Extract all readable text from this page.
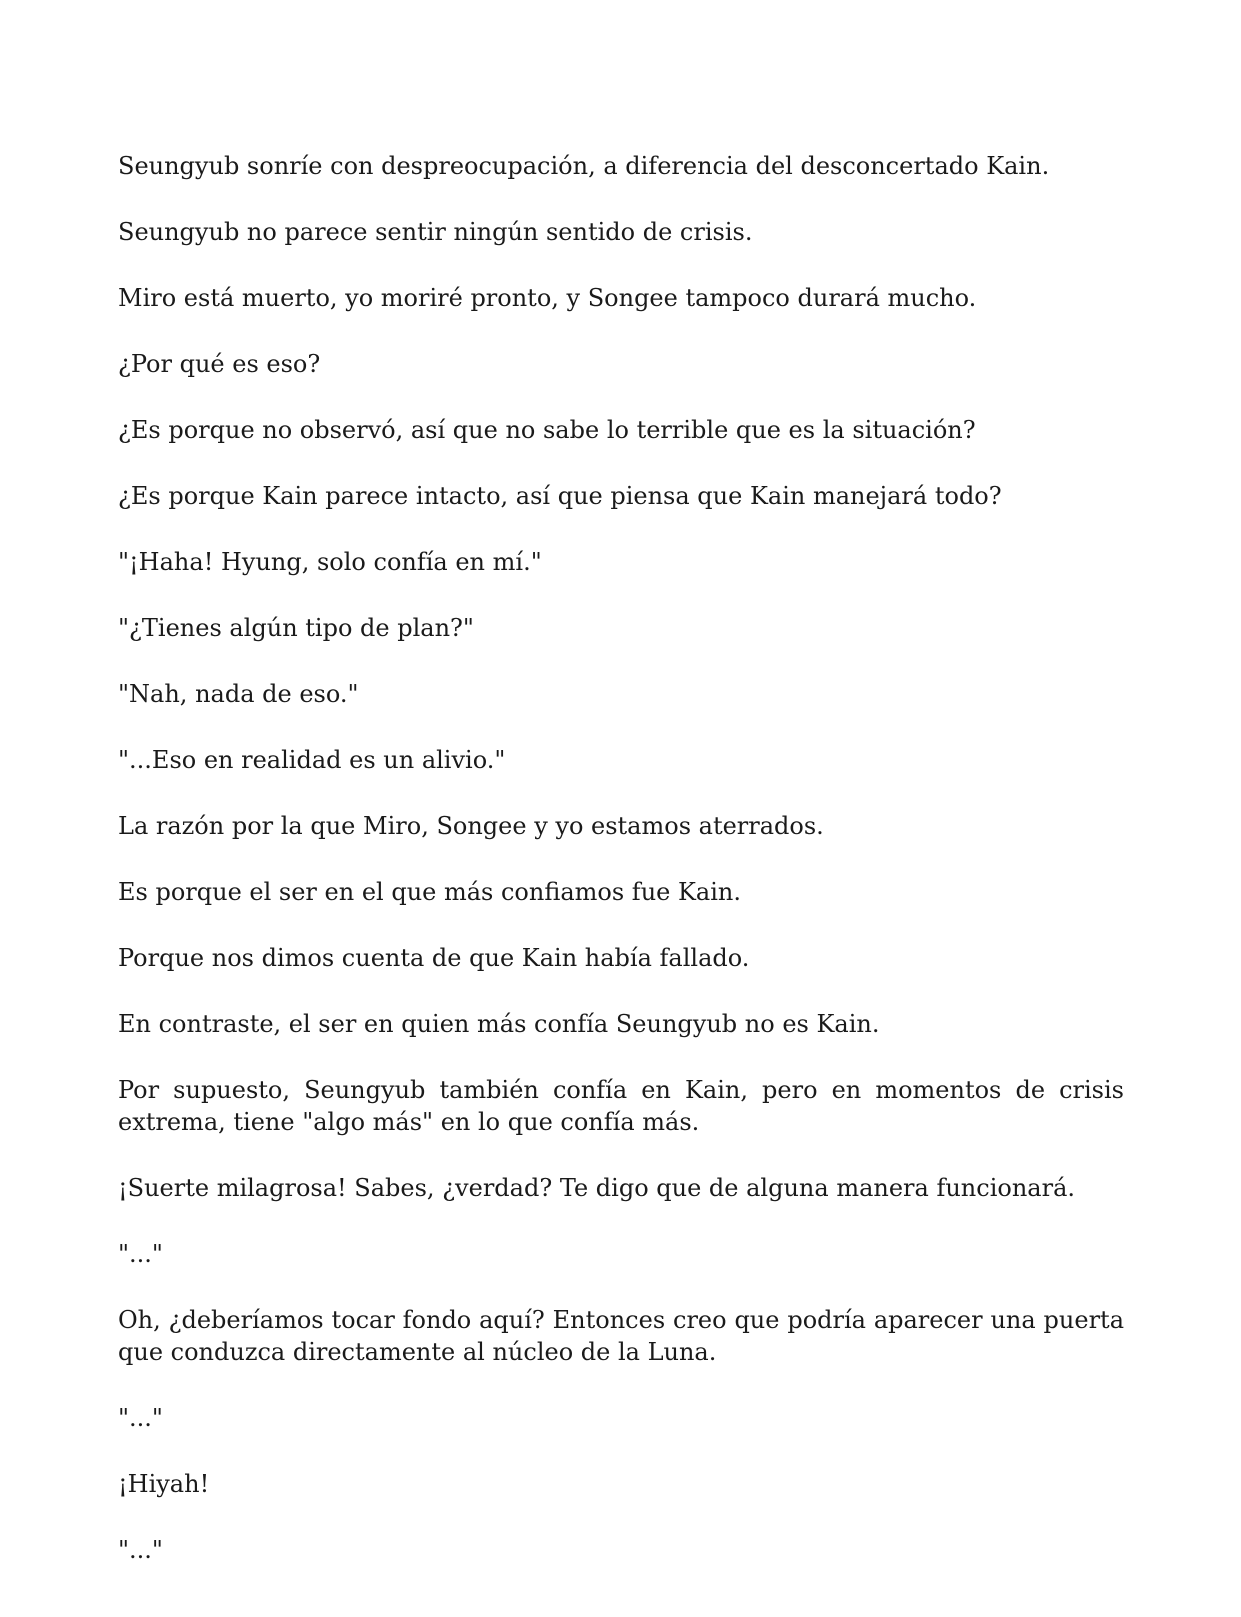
Seungyub sonríe con despreocupación, a diferencia del desconcertado Kain.

Seungyub no parece sentir ningún sentido de crisis.

Miro está muerto, yo moriré pronto, y Songee tampoco durará mucho.

¿Por qué es eso?

¿Es porque no observó, así que no sabe lo terrible que es la situación?

¿Es porque Kain parece intacto, así que piensa que Kain manejará todo?

"¡Haha! Hyung, solo confía en mí."

"¿Tienes algún tipo de plan?"

"Nah, nada de eso."

"...Eso en realidad es un alivio."

La razón por la que Miro, Songee y yo estamos aterrados.

Es porque el ser en el que más confiamos fue Kain.

Porque nos dimos cuenta de que Kain había fallado.

En contraste, el ser en quien más confía Seungyub no es Kain.

Por supuesto, Seungyub también confía en Kain, pero en momentos de crisis extrema, tiene "algo más" en lo que confía más.

¡Suerte milagrosa! Sabes, ¿verdad? Te digo que de alguna manera funcionará.

"..."

Oh, ¿deberíamos tocar fondo aquí? Entonces creo que podría aparecer una puerta que conduzca directamente al núcleo de la Luna.

"..."

¡Hiyah!

"..."
